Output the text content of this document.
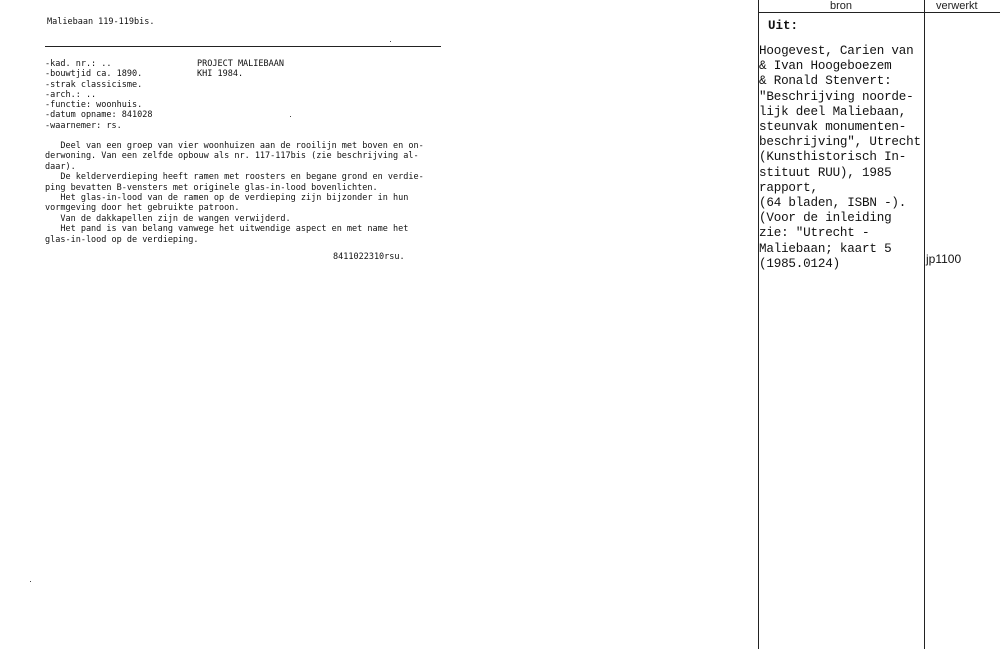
Maliebaan 119-119bis.
-kad. nr.: ..
-bouwtjid ca. 1890.
-strak classicisme.
-arch.: ..
-functie: woonhuis.
-datum opname: 841028
-waarnemer: rs.
PROJECT MALIEBAAN
KHI 1984.
Deel van een groep van vier woonhuizen aan de rooilijn met boven en on-
derwoning. Van een zelfde opbouw als nr. 117-117bis (zie beschrijving al-
daar).
De kelderverdieping heeft ramen met roosters en begane grond en verdie-
ping bevatten B-vensters met originele glas-in-lood bovenlichten.
Het glas-in-lood van de ramen op de verdieping zijn bijzonder in hun
vormgeving door het gebruikte patroon.
Van de dakkapellen zijn de wangen verwijderd.
Het pand is van belang vanwege het uitwendige aspect en met name het
glas-in-lood op de verdieping.
8411022310rsu.
bron	verwerkt
Uit:
Hoogevest, Carien van
& Ivan Hoogeboezem
& Ronald Stenvert:
"Beschrijving noorde-
lijk deel Maliebaan,
steunvak monumenten-
beschrijving", Utrecht
(Kunsthistorisch In-
stituut RUU), 1985
rapport,
(64 bladen, ISBN -).
(Voor de inleiding
zie: "Utrecht -
Maliebaan; kaart 5
(1985.0124)	jp1100
